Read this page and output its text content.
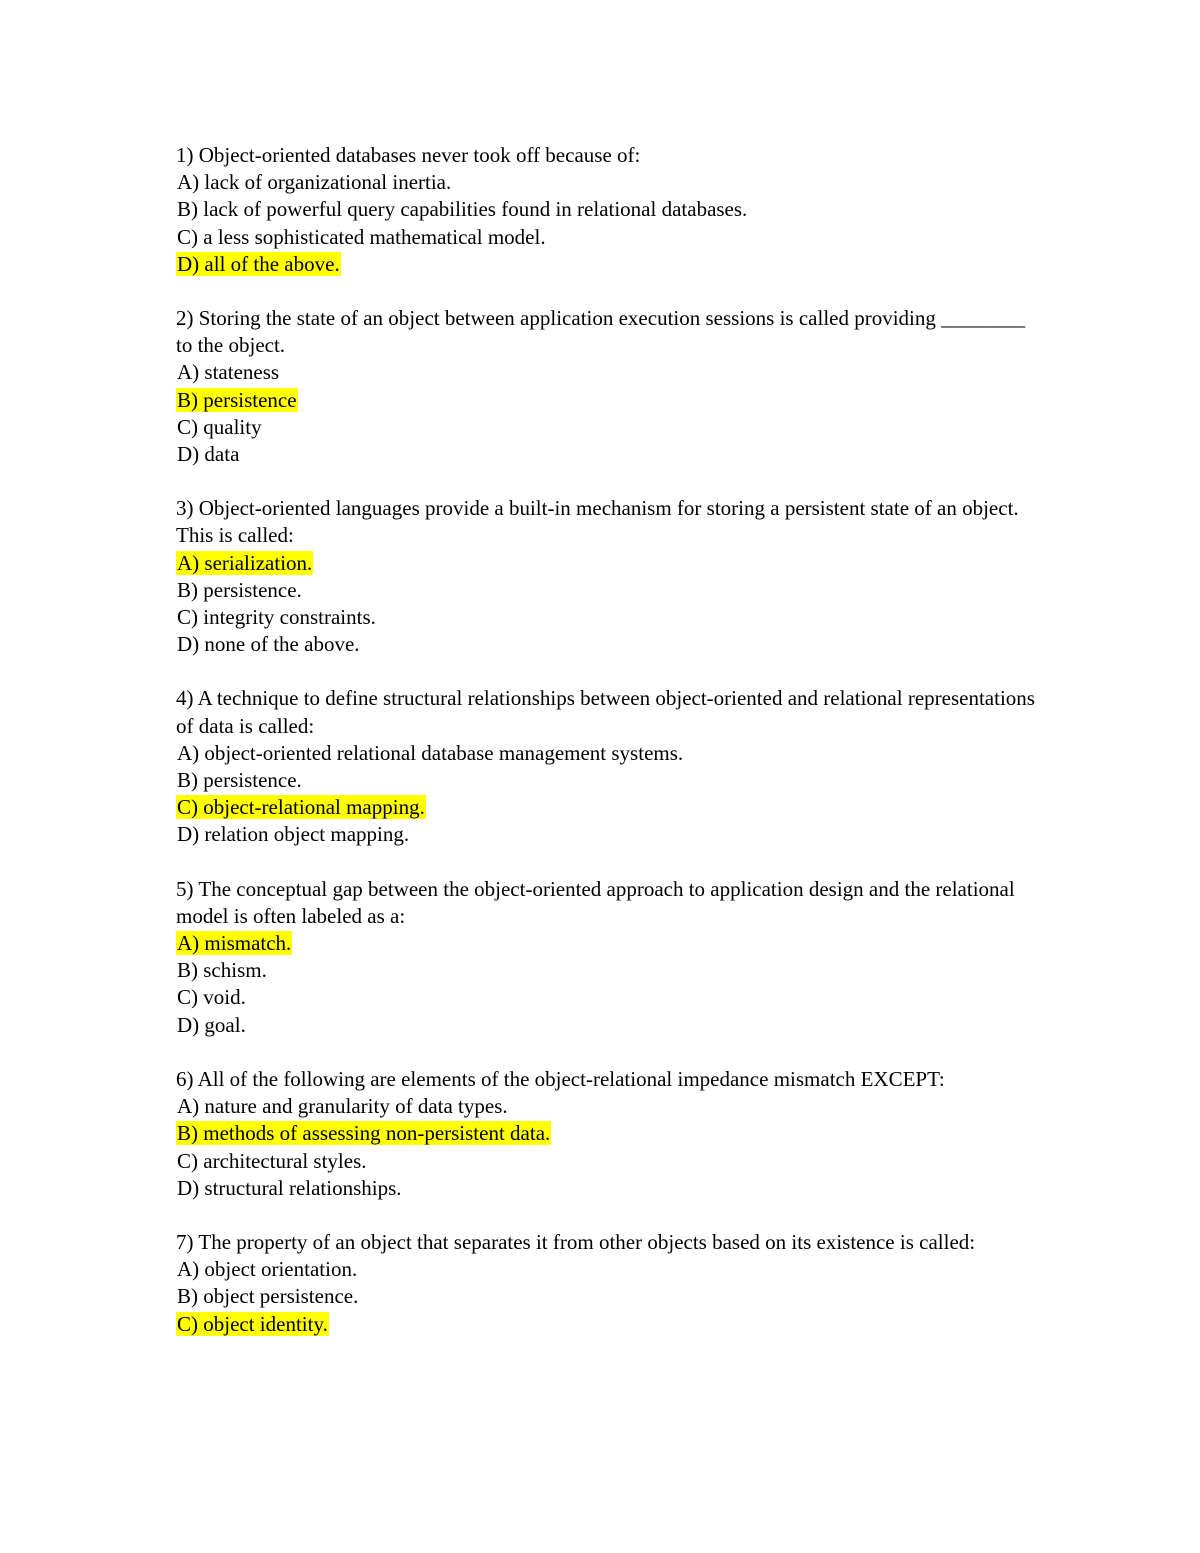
1) Object-oriented databases never took off because of:
A) lack of organizational inertia.
B) lack of powerful query capabilities found in relational databases.
C) a less sophisticated mathematical model.
D) all of the above.
2) Storing the state of an object between application execution sessions is called providing ________ to the object.
A) stateness
B) persistence
C) quality
D) data
3) Object-oriented languages provide a built-in mechanism for storing a persistent state of an object. This is called:
A) serialization.
B) persistence.
C) integrity constraints.
D) none of the above.
4) A technique to define structural relationships between object-oriented and relational representations of data is called:
A) object-oriented relational database management systems.
B) persistence.
C) object-relational mapping.
D) relation object mapping.
5) The conceptual gap between the object-oriented approach to application design and the relational model is often labeled as a:
A) mismatch.
B) schism.
C) void.
D) goal.
6) All of the following are elements of the object-relational impedance mismatch EXCEPT:
A) nature and granularity of data types.
B) methods of assessing non-persistent data.
C) architectural styles.
D) structural relationships.
7) The property of an object that separates it from other objects based on its existence is called:
A) object orientation.
B) object persistence.
C) object identity.
